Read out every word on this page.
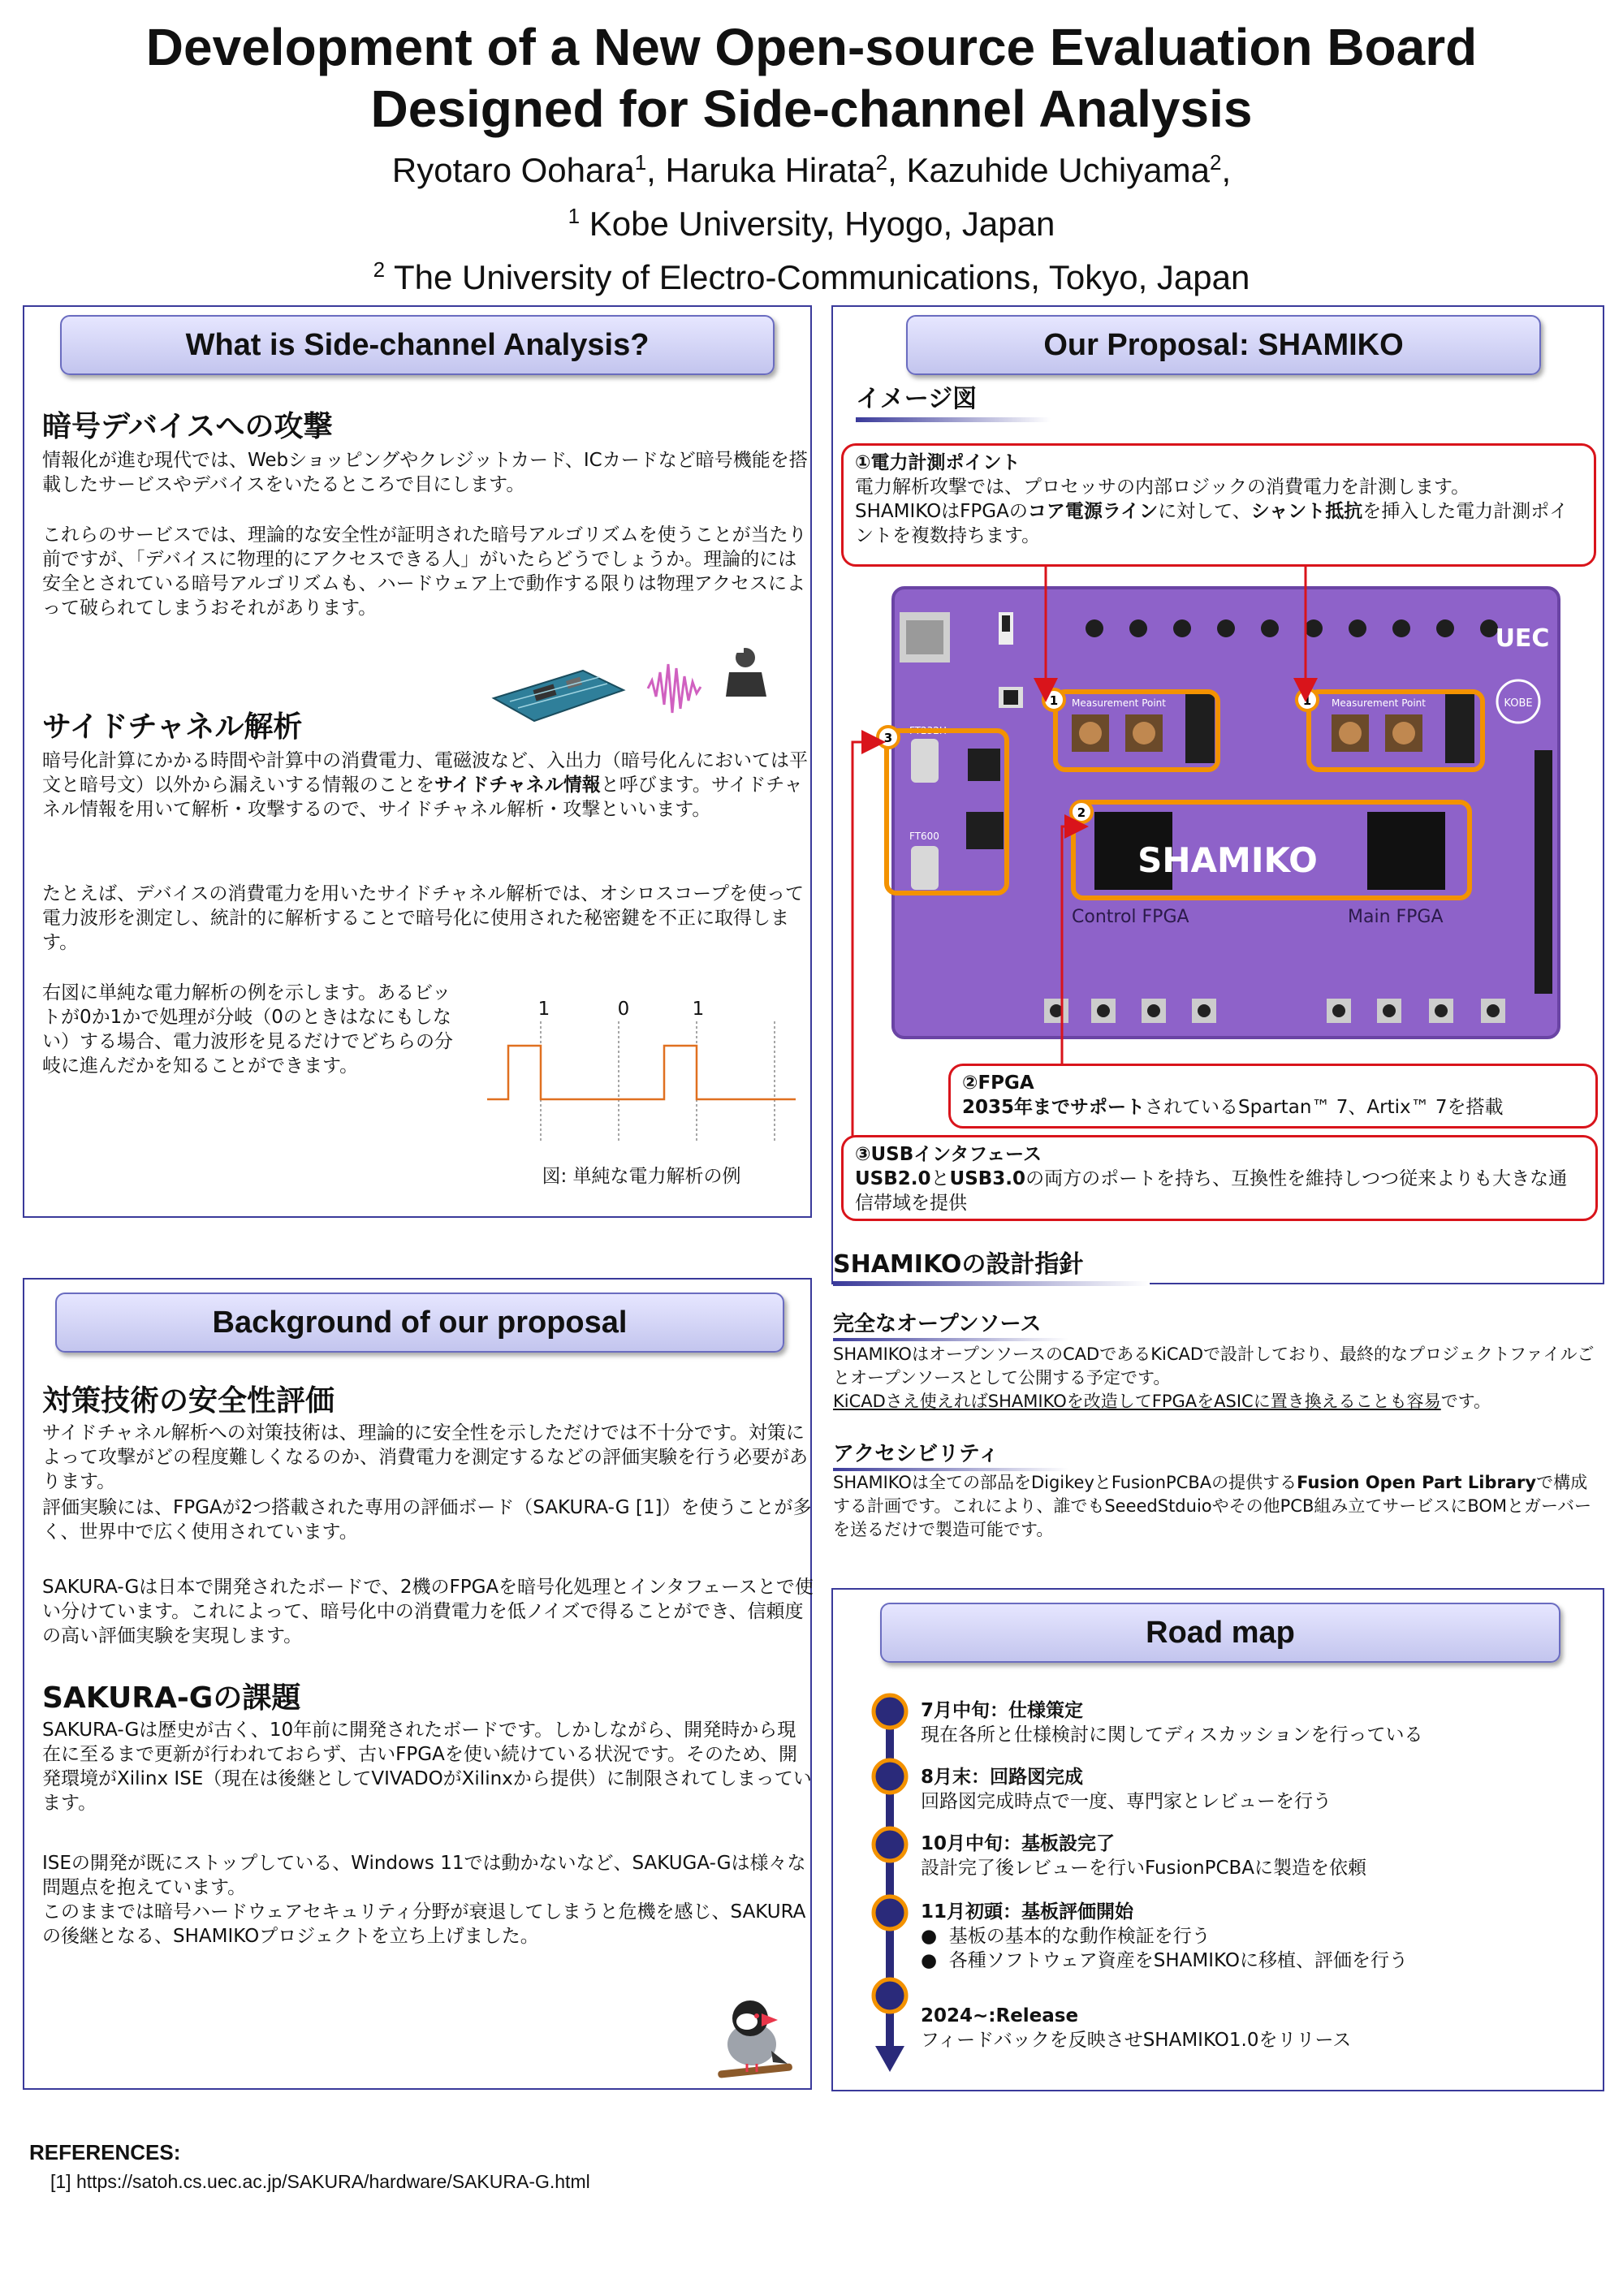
Development of a New Open-source Evaluation Board
Designed for Side-channel Analysis
Ryotaro Oohara$^1$, Haruka Hirata$^2$, Kazuhide Uchiyama$^2$,
$^1$ Kobe University, Hyogo, Japan
$^2$ The University of Electro-Communications, Tokyo, Japan
What is Side-channel Analysis?
暗号デバイスへの攻撃
情報化が進む現代では、Webショッピングやクレジットカード、ICカードなど暗号機能を搭載したサービスやデバイスをいたるところで目にします。
これらのサービスでは、理論的な安全性が証明された暗号アルゴリズムを使うことが当たり前ですが、「デバイスに物理的にアクセスできる人」がいたらどうでしょうか。理論的には安全とされている暗号アルゴリズムも、ハードウェア上で動作する限りは物理アクセスによって破られてしまうおそれがあります。
サイドチャネル解析
暗号化計算にかかる時間や計算中の消費電力、電磁波など、入出力（暗号化んにおいては平文と暗号文）以外から漏えいする情報のことをサイドチャネル情報と呼びます。サイドチャネル情報を用いて解析・攻撃するので、サイドチャネル解析・攻撃といいます。
たとえば、デバイスの消費電力を用いたサイドチャネル解析では、オシロスコープを使って電力波形を測定し、統計的に解析することで暗号化に使用された秘密鍵を不正に取得します。
右図に単純な電力解析の例を示します。あるビットが0か1かで処理が分岐（0のときはなにもしない）する場合、電力波形を見るだけでどちらの分岐に進んだかを知ることができます。
1	0	1
図: 単純な電力解析の例
Background of our proposal
対策技術の安全性評価
サイドチャネル解析への対策技術は、理論的に安全性を示しただけでは不十分です。対策によって攻撃がどの程度難しくなるのか、消費電力を測定するなどの評価実験を行う必要があります。
評価実験には、FPGAが2つ搭載された専用の評価ボード（SAKURA-G [1]）を使うことが多く、世界中で広く使用されています。
SAKURA-Gは日本で開発されたボードで、2機のFPGAを暗号化処理とインタフェースとで使い分けています。これによって、暗号化中の消費電力を低ノイズで得ることができ、信頼度の高い評価実験を実現します。
SAKURA-Gの課題
SAKURA-Gは歴史が古く、10年前に開発されたボードです。しかしながら、開発時から現在に至るまで更新が行われておらず、古いFPGAを使い続けている状況です。そのため、開発環境がXilinx ISE（現在は後継としてVIVADOがXilinxから提供）に制限されてしまっています。
ISEの開発が既にストップしている、Windows 11では動かないなど、SAKUGA-Gは様々な問題点を抱えています。
このままでは暗号ハードウェアセキュリティ分野が衰退してしまうと危機を感じ、SAKURAの後継となる、SHAMIKOプロジェクトを立ち上げました。
Our Proposal: SHAMIKO
イメージ図
UEC
KOBE
FT232H
FT600
Measurement Point	Measurement Point
SHAMIKO
Control FPGA	Main FPGA
1	1
2
3
①電力計測ポイント
電力解析攻撃では、プロセッサの内部ロジックの消費電力を計測します。
SHAMIKOはFPGAのコア電源ラインに対して、シャント抵抗を挿入した電力計測ポイントを複数持ちます。
②FPGA
2035年までサポートされているSpartan™ 7、Artix™ 7を搭載
③USBインタフェース
USB2.0とUSB3.0の両方のポートを持ち、互換性を維持しつつ従来よりも大きな通信帯域を提供
SHAMIKOの設計指針
完全なオープンソース
SHAMIKOはオープンソースのCADであるKiCADで設計しており、最終的なプロジェクトファイルごとオープンソースとして公開する予定です。
KiCADさえ使えればSHAMIKOを改造してFPGAをASICに置き換えることも容易です。
アクセシビリティ
SHAMIKOは全ての部品をDigikeyとFusionPCBAの提供するFusion Open Part Libraryで構成する計画です。これにより、誰でもSeeedStduioやその他PCB組み立てサービスにBOMとガーバーを送るだけで製造可能です。
Road map
7月中旬：仕様策定
現在各所と仕様検討に関してディスカッションを行っている
8月末：回路図完成
回路図完成時点で一度、専門家とレビューを行う
10月中旬：基板設完了
設計完了後レビューを行いFusionPCBAに製造を依頼
11月初頭：基板評価開始
●  基板の基本的な動作検証を行う
●  各種ソフトウェア資産をSHAMIKOに移植、評価を行う
2024~:Release
フィードバックを反映させSHAMIKO1.0をリリース
REFERENCES:
[1] https://satoh.cs.uec.ac.jp/SAKURA/hardware/SAKURA-G.html
